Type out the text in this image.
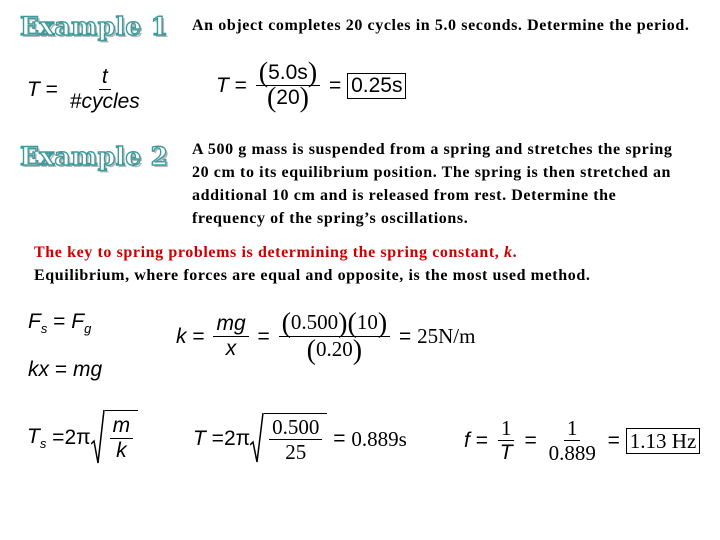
Example 1 An object completes 20 cycles in 5.0 seconds. Determine the period.
$T = \frac{t}{\text{\#cycles}}$	$T = \frac{(5.0s)}{(20)} = 0.25s$
Example 2 A 500 g mass is suspended from a spring and stretches the spring 20 cm to its equilibrium position. The spring is then stretched an additional 10 cm and is released from rest. Determine the frequency of the spring’s oscillations.
The key to spring problems is determining the spring constant, k.
Equilibrium, where forces are equal and opposite, is the most used method.
$F_s = F_g$
kx = mg
$k = \frac{mg}{x} = \frac{(0.500)(10)}{(0.20)} = 25N/m$
$T_s =2\pi \frac{m}{k}$	$T =2\pi \frac{0.500}{25} = 0.889s$	$f = \frac{1}{T} = \frac{1}{0.889} = 1.13$ Hz
